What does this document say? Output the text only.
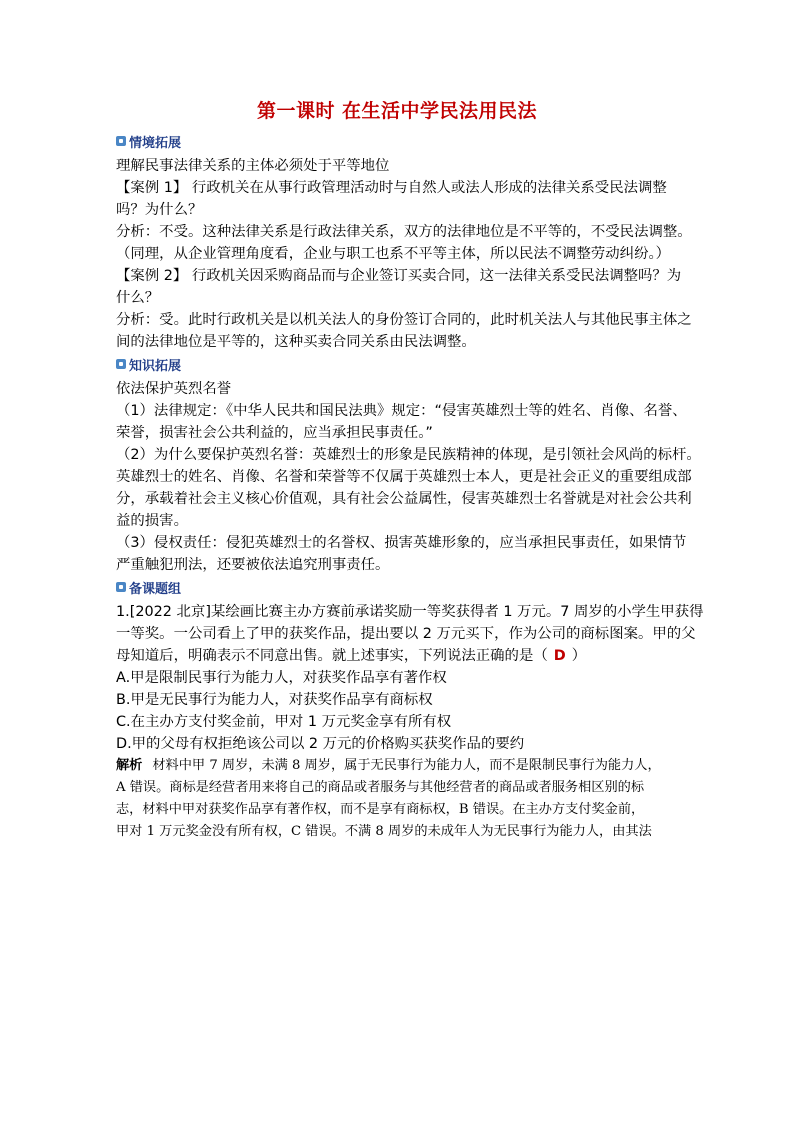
第一课时 在生活中学民法用民法
情境拓展
理解民事法律关系的主体必须处于平等地位
【案例 1】 行政机关在从事行政管理活动时与自然人或法人形成的法律关系受民法调整
吗？为什么？
分析：不受。这种法律关系是行政法律关系，双方的法律地位是不平等的，不受民法调整。
（同理，从企业管理角度看，企业与职工也系不平等主体，所以民法不调整劳动纠纷。）
【案例 2】 行政机关因采购商品而与企业签订买卖合同，这一法律关系受民法调整吗？为
什么？
分析：受。此时行政机关是以机关法人的身份签订合同的，此时机关法人与其他民事主体之
间的法律地位是平等的，这种买卖合同关系由民法调整。
知识拓展
依法保护英烈名誉
（1）法律规定：《中华人民共和国民法典》规定：“侵害英雄烈士等的姓名、肖像、名誉、
荣誉，损害社会公共利益的，应当承担民事责任。”
（2）为什么要保护英烈名誉：英雄烈士的形象是民族精神的体现，是引领社会风尚的标杆。
英雄烈士的姓名、肖像、名誉和荣誉等不仅属于英雄烈士本人，更是社会正义的重要组成部
分，承载着社会主义核心价值观，具有社会公益属性，侵害英雄烈士名誉就是对社会公共利
益的损害。
（3）侵权责任：侵犯英雄烈士的名誉权、损害英雄形象的，应当承担民事责任，如果情节
严重触犯刑法，还要被依法追究刑事责任。
备课题组
1.[2022 北京]某绘画比赛主办方赛前承诺奖励一等奖获得者 1 万元。7 周岁的小学生甲获得
一等奖。一公司看上了甲的获奖作品，提出要以 2 万元买下，作为公司的商标图案。甲的父
母知道后，明确表示不同意出售。就上述事实，下列说法正确的是（ D ）
A.甲是限制民事行为能力人，对获奖作品享有著作权
B.甲是无民事行为能力人，对获奖作品享有商标权
C.在主办方支付奖金前，甲对 1 万元奖金享有所有权
D.甲的父母有权拒绝该公司以 2 万元的价格购买获奖作品的要约
解析 材料中甲 7 周岁，未满 8 周岁，属于无民事行为能力人，而不是限制民事行为能力人，
A 错误。商标是经营者用来将自己的商品或者服务与其他经营者的商品或者服务相区别的标
志，材料中甲对获奖作品享有著作权，而不是享有商标权，B 错误。在主办方支付奖金前，
甲对 1 万元奖金没有所有权，C 错误。不满 8 周岁的未成年人为无民事行为能力人，由其法
